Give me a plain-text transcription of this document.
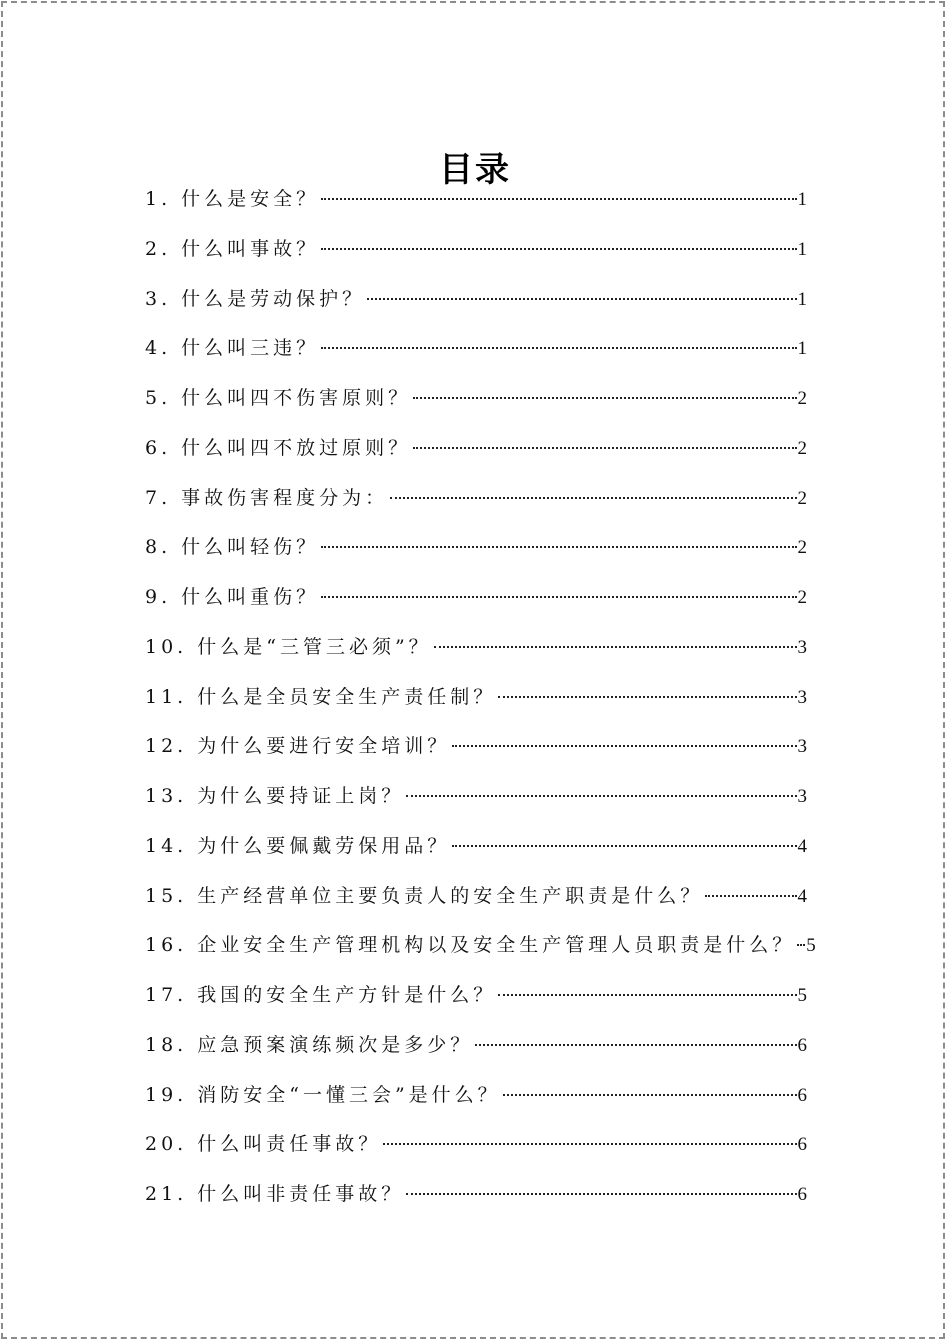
目录
1. 什么是安全？	1
2. 什么叫事故？	1
3. 什么是劳动保护？	1
4. 什么叫三违？	1
5. 什么叫四不伤害原则？	2
6. 什么叫四不放过原则？	2
7. 事故伤害程度分为：	2
8. 什么叫轻伤？	2
9. 什么叫重伤？	2
10. 什么是“三管三必须”？	3
11. 什么是全员安全生产责任制？	3
12. 为什么要进行安全培训？	3
13. 为什么要持证上岗？	3
14. 为什么要佩戴劳保用品？	4
15. 生产经营单位主要负责人的安全生产职责是什么？	4
16. 企业安全生产管理机构以及安全生产管理人员职责是什么？ 5
17. 我国的安全生产方针是什么？	5
18. 应急预案演练频次是多少？	6
19. 消防安全“一懂三会”是什么？	6
20. 什么叫责任事故？	6
21. 什么叫非责任事故？	6
